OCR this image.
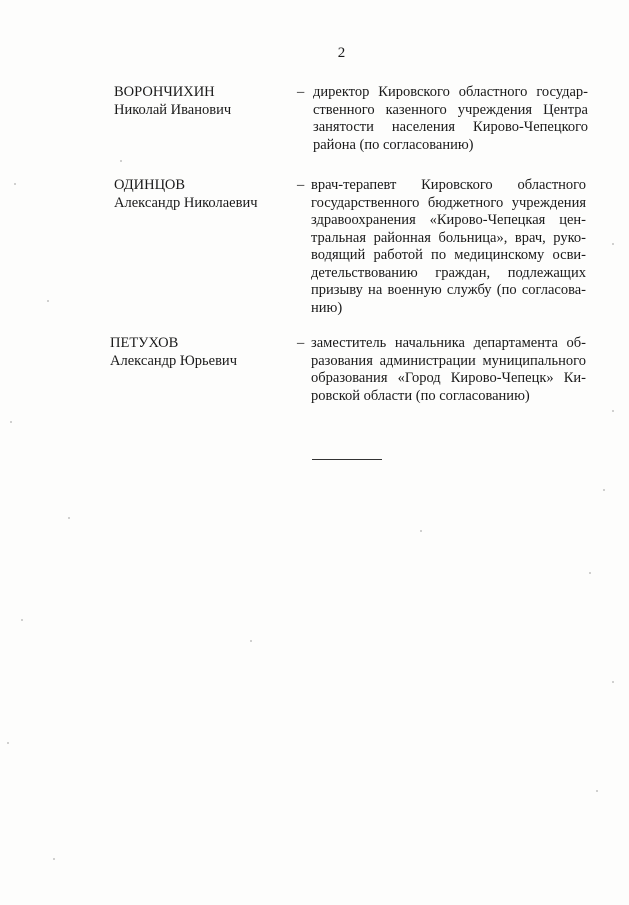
2
ВОРОНЧИХИН
Николай Иванович
– директор Кировского областного государ-
ственного казенного учреждения Центра
занятости населения Кирово-Чепецкого
района (по согласованию)
ОДИНЦОВ
Александр Николаевич
– врач-терапевт Кировского областного
государственного бюджетного учреждения
здравоохранения «Кирово-Чепецкая цен-
тральная районная больница», врач, руко-
водящий работой по медицинскому осви-
детельствованию граждан, подлежащих
призыву на военную службу (по согласова-
нию)
ПЕТУХОВ
Александр Юрьевич
– заместитель начальника департамента об-
разования администрации муниципального
образования «Город Кирово-Чепецк» Ки-
ровской области (по согласованию)
